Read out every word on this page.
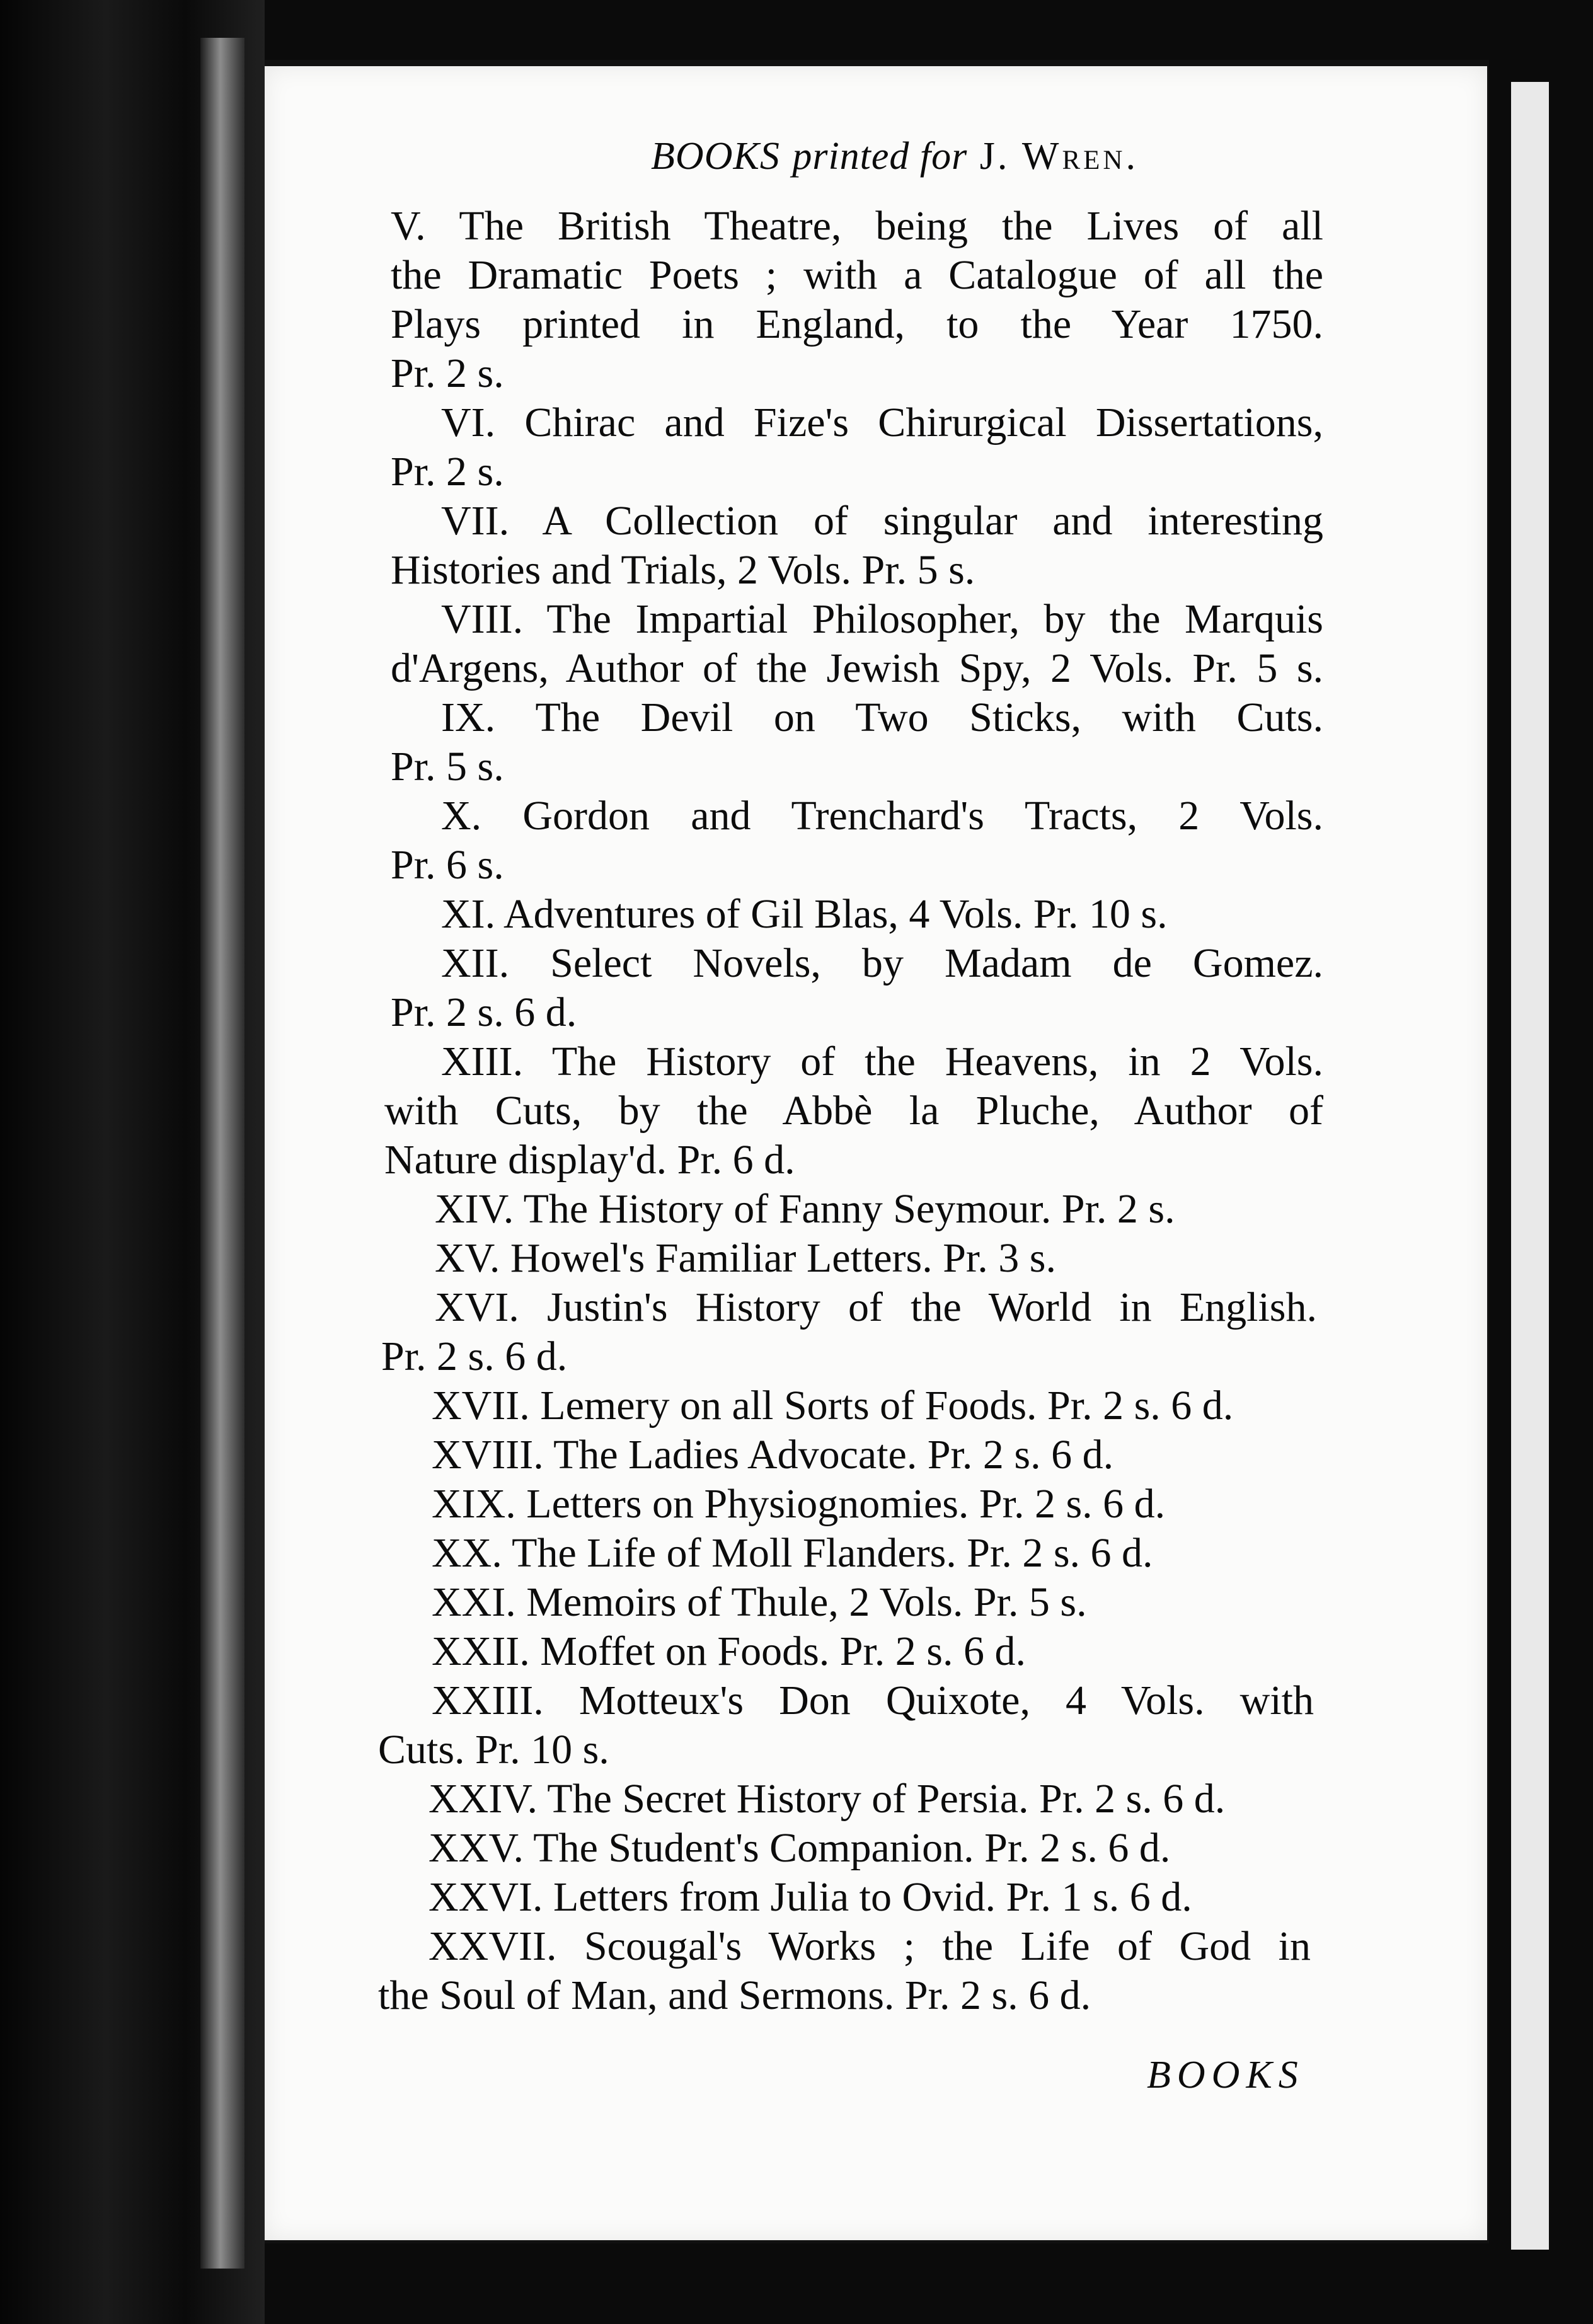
BOOKS printed for J. Wren.

V. The British Theatre, being the Lives of all

the Dramatic Poets ; with a Catalogue of all the

Plays printed in England, to the Year 1750.

Pr. 2 s.

VI. Chirac and Fize's Chirurgical Dissertations,

Pr. 2 s.

VII. A Collection of singular and interesting

Histories and Trials, 2 Vols. Pr. 5 s.

VIII. The Impartial Philosopher, by the Marquis

d'Argens, Author of the Jewish Spy, 2 Vols. Pr. 5 s.

IX. The Devil on Two Sticks, with Cuts.

Pr. 5 s.

X. Gordon and Trenchard's Tracts, 2 Vols.

Pr. 6 s.

XI. Adventures of Gil Blas, 4 Vols. Pr. 10 s.

XII. Select Novels, by Madam de Gomez.

Pr. 2 s. 6 d.

XIII. The History of the Heavens, in 2 Vols.

with Cuts, by the Abbè la Pluche, Author of

Nature display'd. Pr. 6 d.

XIV. The History of Fanny Seymour. Pr. 2 s.

XV. Howel's Familiar Letters. Pr. 3 s.

XVI. Justin's History of the World in English.

Pr. 2 s. 6 d.

XVII. Lemery on all Sorts of Foods. Pr. 2 s. 6 d.

XVIII. The Ladies Advocate. Pr. 2 s. 6 d.

XIX. Letters on Physiognomies. Pr. 2 s. 6 d.

XX. The Life of Moll Flanders. Pr. 2 s. 6 d.

XXI. Memoirs of Thule, 2 Vols. Pr. 5 s.

XXII. Moffet on Foods. Pr. 2 s. 6 d.

XXIII. Motteux's Don Quixote, 4 Vols. with

Cuts. Pr. 10 s.

XXIV. The Secret History of Persia. Pr. 2 s. 6 d.

XXV. The Student's Companion. Pr. 2 s. 6 d.

XXVI. Letters from Julia to Ovid. Pr. 1 s. 6 d.

XXVII. Scougal's Works ; the Life of God in

the Soul of Man, and Sermons. Pr. 2 s. 6 d.

BOOKS
